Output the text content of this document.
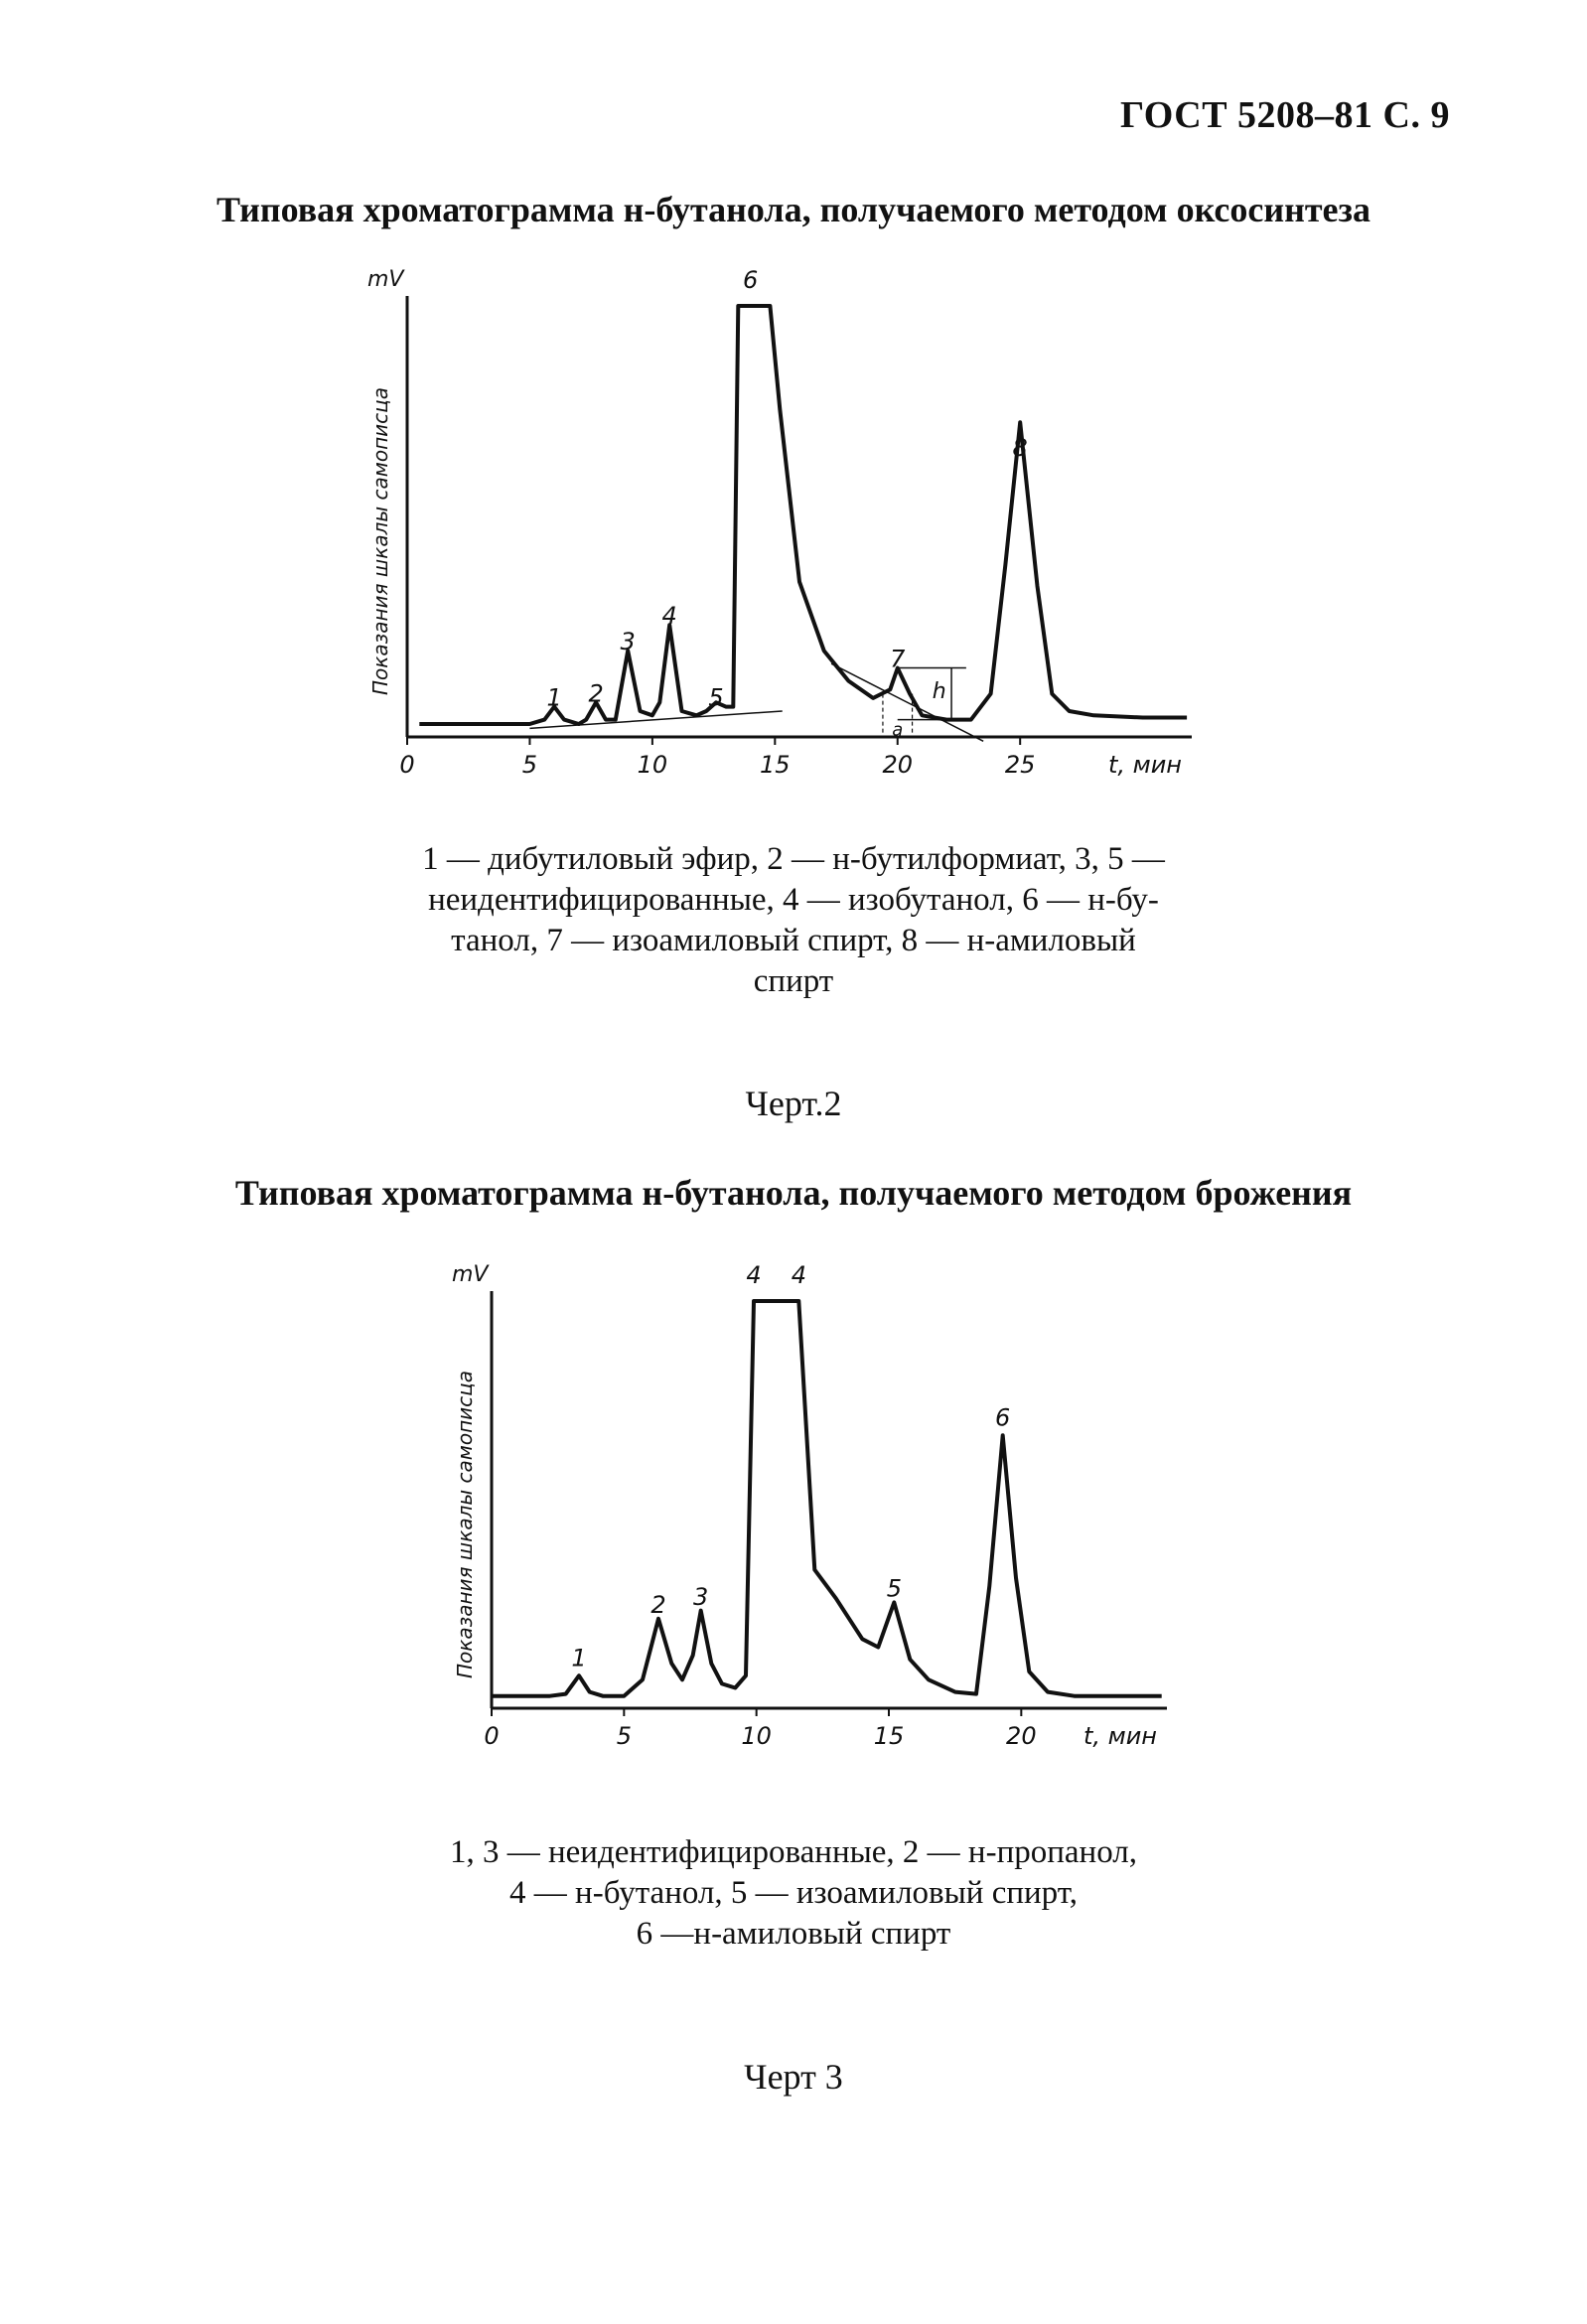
ГОСТ 5208–81 С. 9
Типовая хроматограмма н-бутанола, получаемого методом оксосинтеза
mV
Показания шкалы самописца
0	5	10	15	20	25	t, мин
1 2
3
4
5
6
7
8
h
a
1 — дибутиловый эфир, 2 — н-бутилформиат, 3, 5 —
неидентифицированные, 4 — изобутанол, 6 — н-бу-
танол, 7 — изоамиловый спирт, 8 — н-амиловый
спирт
Черт.2
Типовая хроматограмма н-бутанола, получаемого методом брожения
mV
Показания шкалы самописца
0	5	10	15	20 t, мин
1
2 3
4 4
5
6
1, 3 — неидентифицированные, 2 — н-пропанол,
4 — н-бутанол, 5 — изоамиловый спирт,
6 —н-амиловый спирт
Черт 3
